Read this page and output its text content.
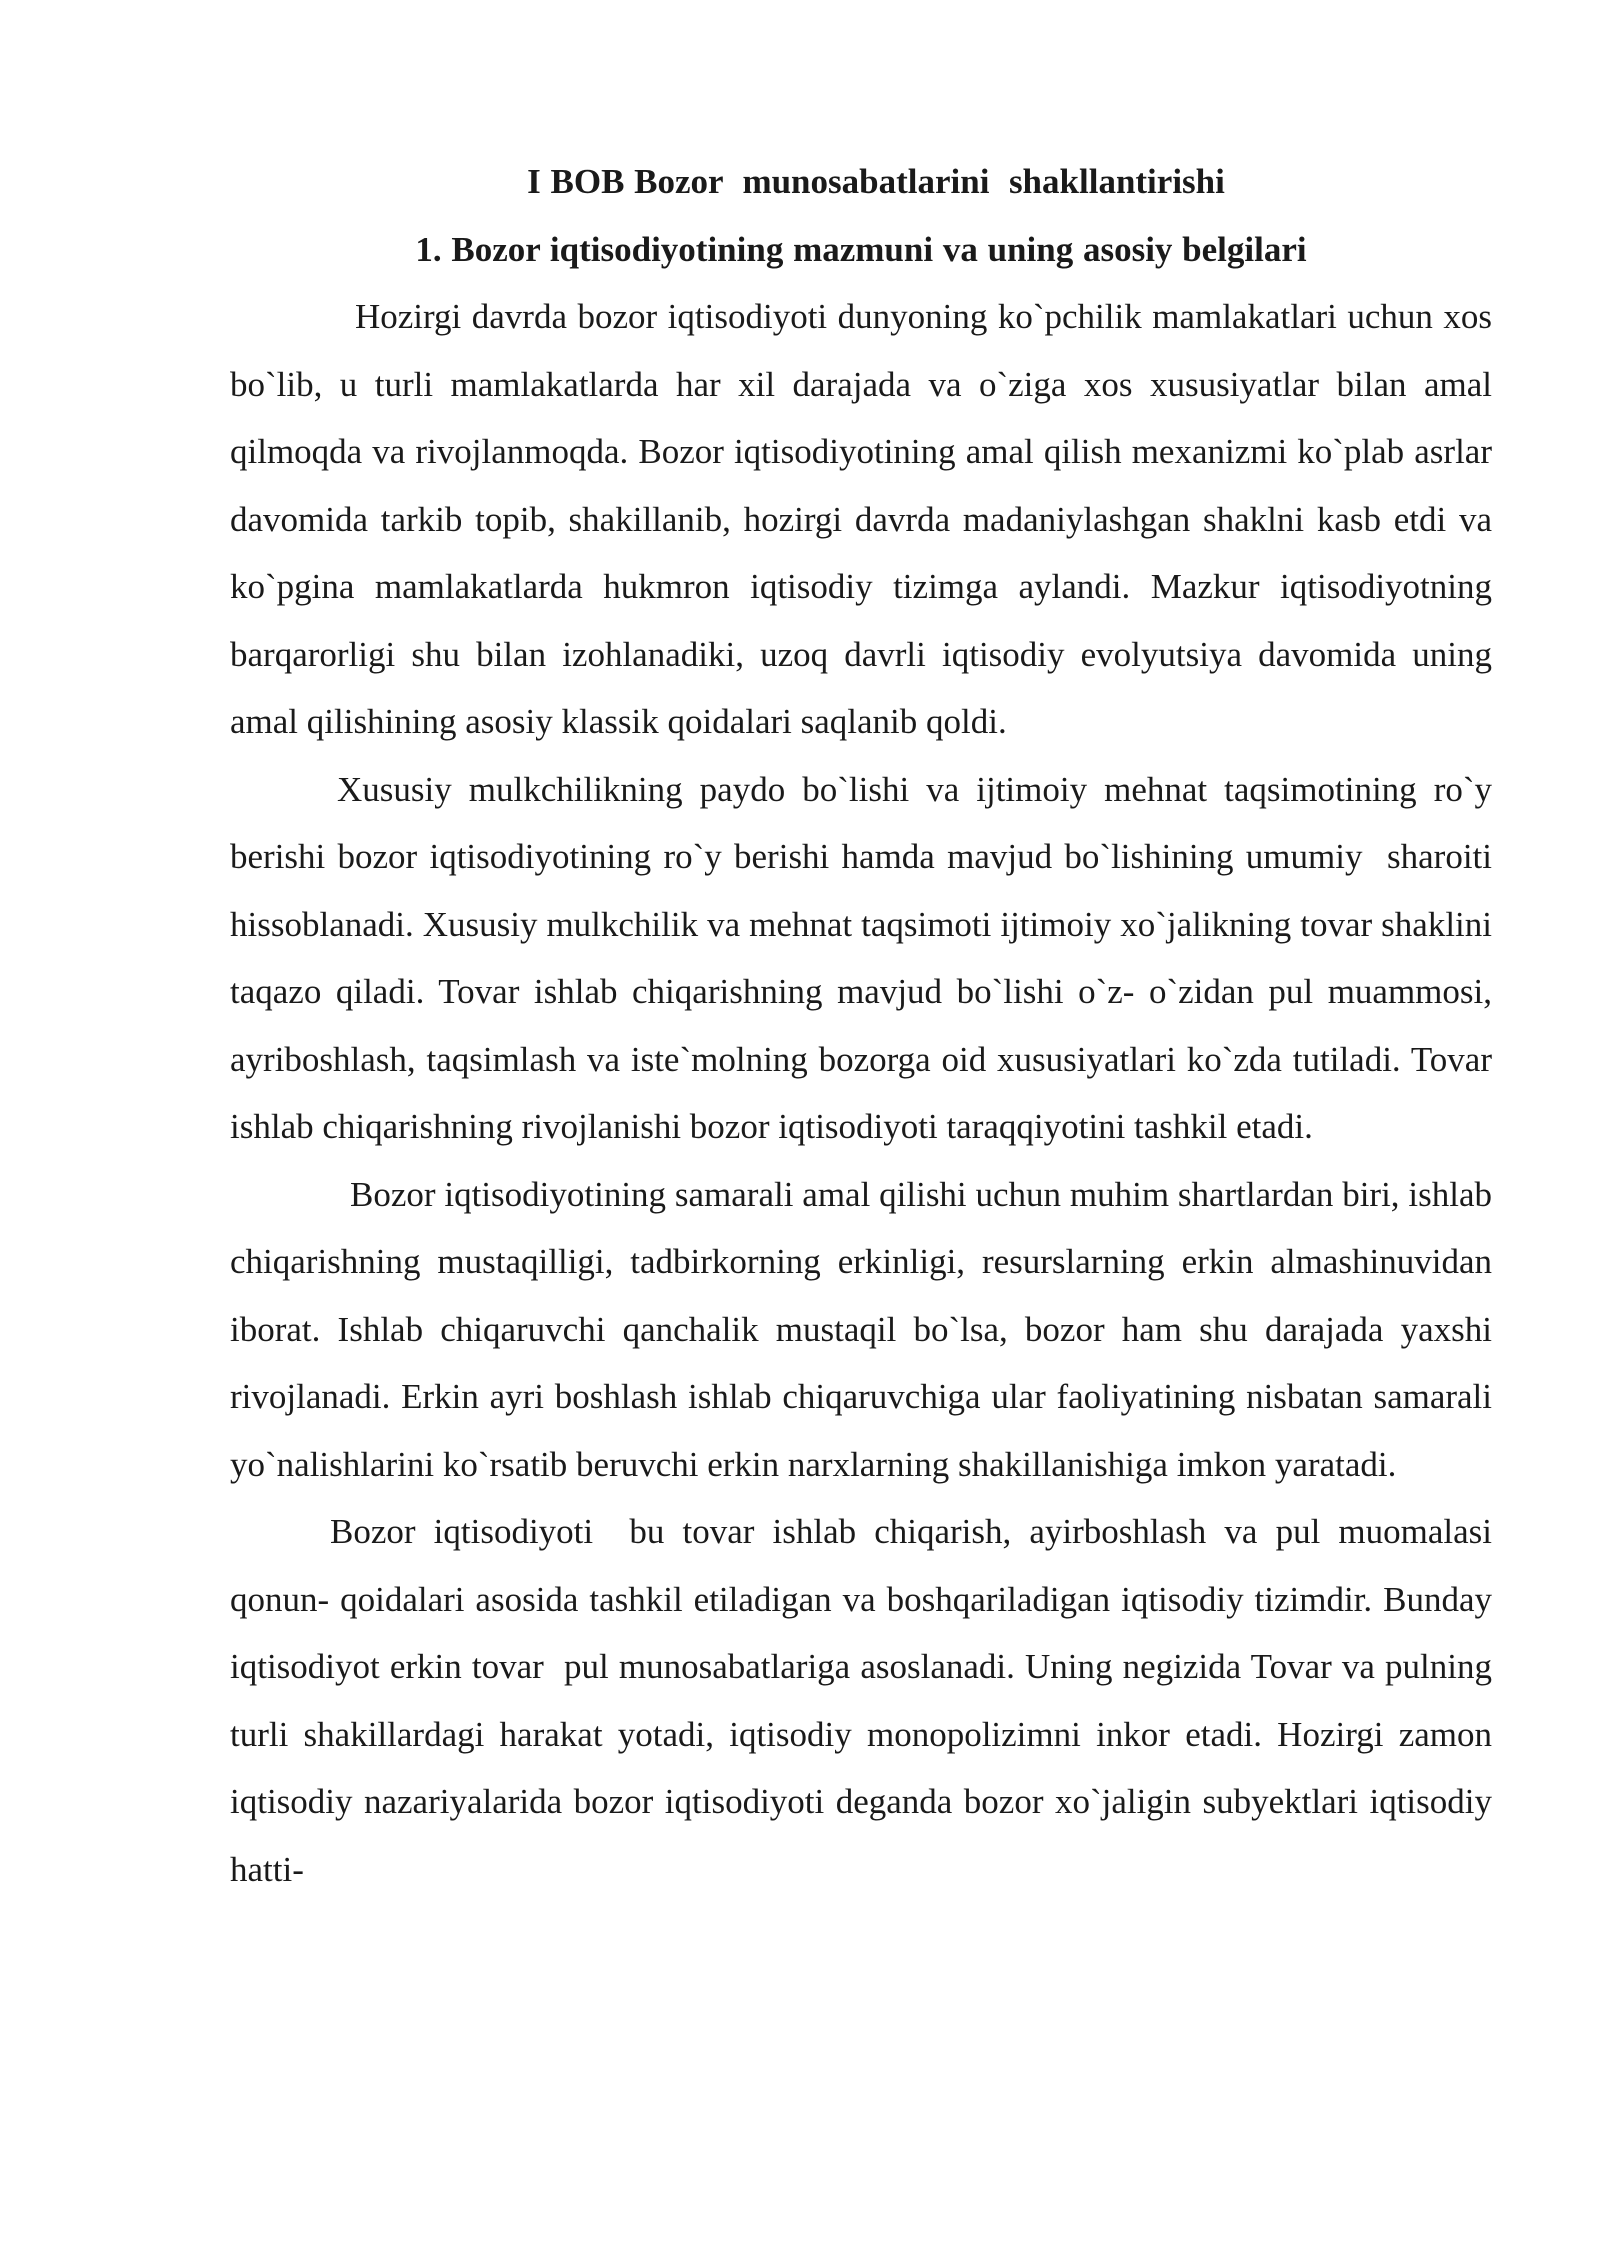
I BOB Bozor  munosabatlarini  shakllantirishi
1. Bozor iqtisodiyotining mazmuni va uning asosiy belgilari

Hozirgi davrda bozor iqtisodiyoti dunyoning ko`pchilik mamlakatlari uchun xos bo`lib, u turli mamlakatlarda har xil darajada va o`ziga xos xususiyatlar bilan amal qilmoqda va rivojlanmoqda. Bozor iqtisodiyotining amal qilish mexanizmi ko`plab asrlar davomida tarkib topib, shakillanib, hozirgi davrda madaniylashgan shaklni kasb etdi va ko`pgina mamlakatlarda hukmron iqtisodiy tizimga aylandi. Mazkur iqtisodiyotning barqarorligi shu bilan izohlanadiki, uzoq davrli iqtisodiy evolyutsiya davomida uning amal qilishining asosiy klassik qoidalari saqlanib qoldi.

Xususiy mulkchilikning paydo bo`lishi va ijtimoiy mehnat taqsimotining ro`y berishi bozor iqtisodiyotining ro`y berishi hamda mavjud bo`lishining umumiy  sharoiti hissoblanadi. Xususiy mulkchilik va mehnat taqsimoti ijtimoiy xo`jalikning tovar shaklini taqazo qiladi. Tovar ishlab chiqarishning mavjud bo`lishi o`z- o`zidan pul muammosi, ayriboshlash, taqsimlash va iste`molning bozorga oid xususiyatlari ko`zda tutiladi. Tovar ishlab chiqarishning rivojlanishi bozor iqtisodiyoti taraqqiyotini tashkil etadi.

Bozor iqtisodiyotining samarali amal qilishi uchun muhim shartlardan biri, ishlab chiqarishning mustaqilligi, tadbirkorning erkinligi, resurslarning erkin almashinuvidan iborat. Ishlab chiqaruvchi qanchalik mustaqil bo`lsa, bozor ham shu darajada yaxshi rivojlanadi. Erkin ayri boshlash ishlab chiqaruvchiga ular faoliyatining nisbatan samarali yo`nalishlarini ko`rsatib beruvchi erkin narxlarning shakillanishiga imkon yaratadi.

Bozor iqtisodiyoti  bu tovar ishlab chiqarish, ayirboshlash va pul muomalasi qonun- qoidalari asosida tashkil etiladigan va boshqariladigan iqtisodiy tizimdir. Bunday iqtisodiyot erkin tovar  pul munosabatlariga asoslanadi. Uning negizida Tovar va pulning turli shakillardagi harakat yotadi, iqtisodiy monopolizimni inkor etadi. Hozirgi zamon iqtisodiy nazariyalarida bozor iqtisodiyoti deganda bozor xo`jaligin subyektlari iqtisodiy hatti-
